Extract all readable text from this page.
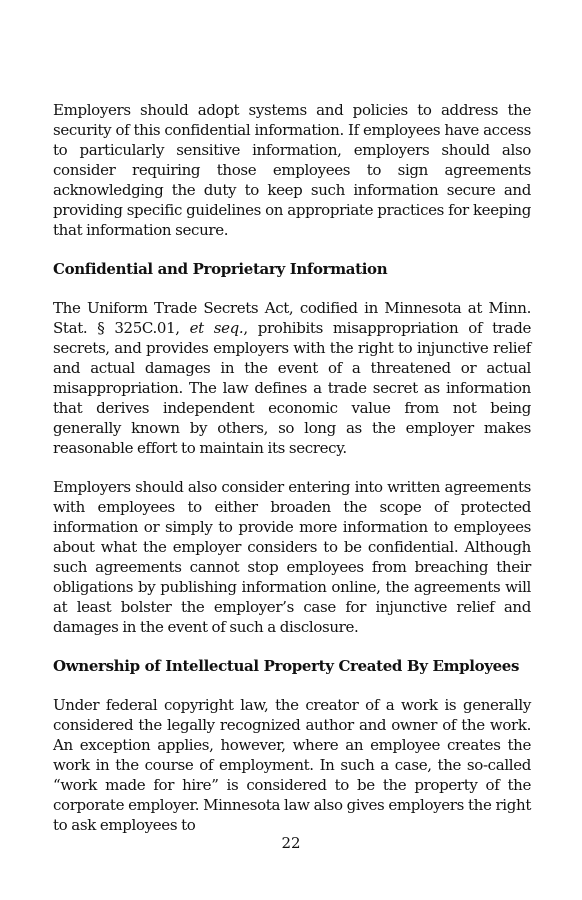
Employers should adopt systems and policies to address the security of this confidential information. If employees have access to particularly sensitive information, employers should also consider requiring those employees to sign agreements acknowledging the duty to keep such information secure and providing specific guidelines on appropriate practices for keeping that information secure.

Confidential and Proprietary Information

The Uniform Trade Secrets Act, codified in Minnesota at Minn. Stat. § 325C.01, et seq., prohibits misappropriation of trade secrets, and provides employers with the right to injunctive relief and actual damages in the event of a threatened or actual misappropriation. The law defines a trade secret as information that derives independent economic value from not being generally known by others, so long as the employer makes reasonable effort to maintain its secrecy.

Employers should also consider entering into written agreements with employees to either broaden the scope of protected information or simply to provide more information to employees about what the employer considers to be confidential. Although such agreements cannot stop employees from breaching their obligations by publishing information online, the agreements will at least bolster the employer’s case for injunctive relief and damages in the event of such a disclosure.

Ownership of Intellectual Property Created By Employees

Under federal copyright law, the creator of a work is generally considered the legally recognized author and owner of the work. An exception applies, however, where an employee creates the work in the course of employment. In such a case, the so-called “work made for hire” is considered to be the property of the corporate employer. Minnesota law also gives employers the right to ask employees to

22
